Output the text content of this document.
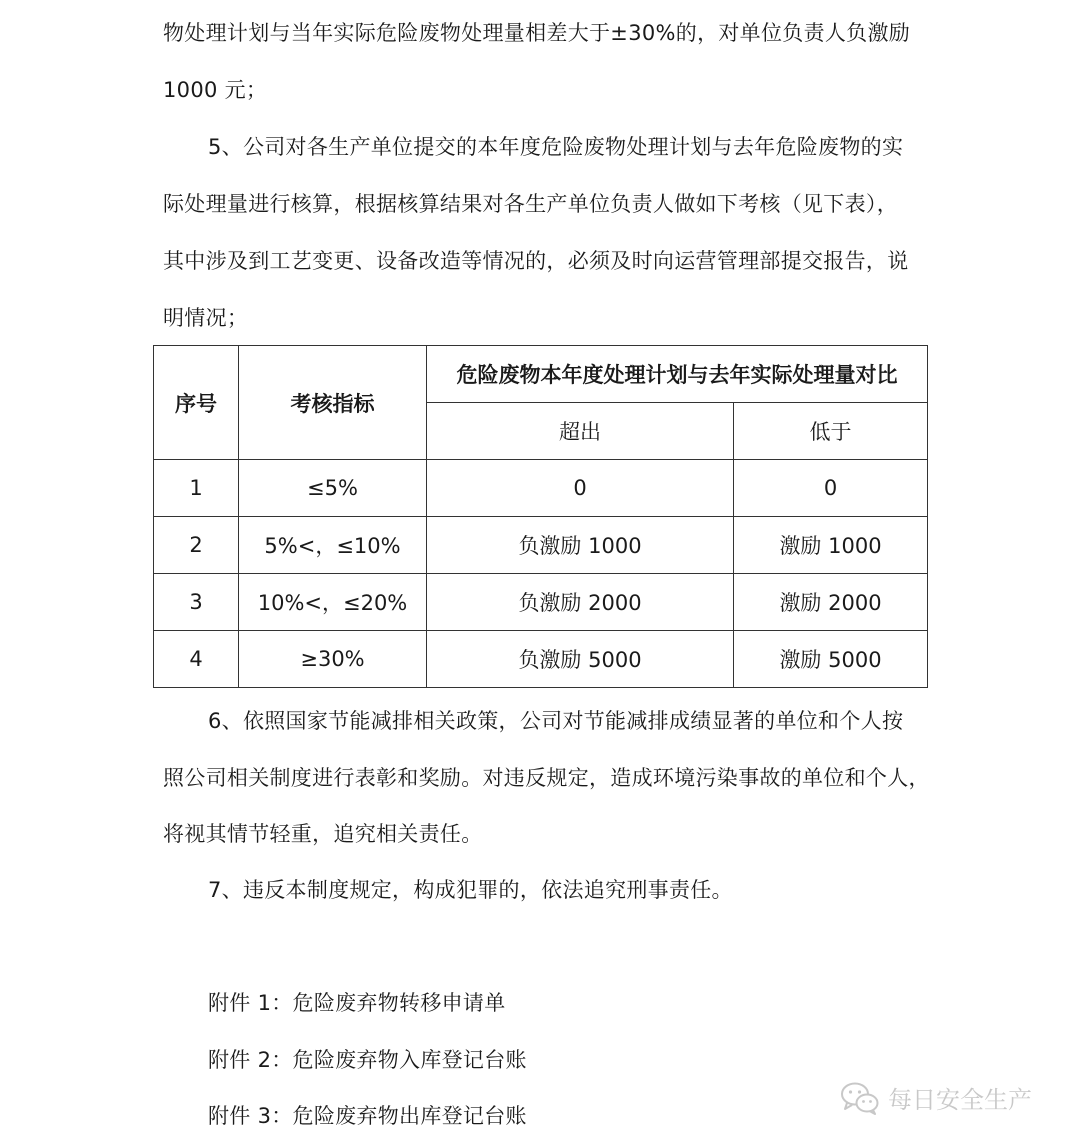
物处理计划与当年实际危险废物处理量相差大于±30%的，对单位负责人负激励
1000 元；
5、公司对各生产单位提交的本年度危险废物处理计划与去年危险废物的实
际处理量进行核算，根据核算结果对各生产单位负责人做如下考核（见下表），
其中涉及到工艺变更、设备改造等情况的，必须及时向运营管理部提交报告，说
明情况；
序号	考核指标	危险废物本年度处理计划与去年实际处理量对比	
		超出	低于
1	≤5%	0	0
2	5%<，≤10%	负激励 1000	激励 1000
3	10%<，≤20%	负激励 2000	激励 2000
4	≥30%	负激励 5000	激励 5000
6、依照国家节能减排相关政策，公司对节能减排成绩显著的单位和个人按
照公司相关制度进行表彰和奖励。对违反规定，造成环境污染事故的单位和个人，
将视其情节轻重，追究相关责任。
7、违反本制度规定，构成犯罪的，依法追究刑事责任。
附件 1：危险废弃物转移申请单
附件 2：危险废弃物入库登记台账
附件 3：危险废弃物出库登记台账
每日安全生产
